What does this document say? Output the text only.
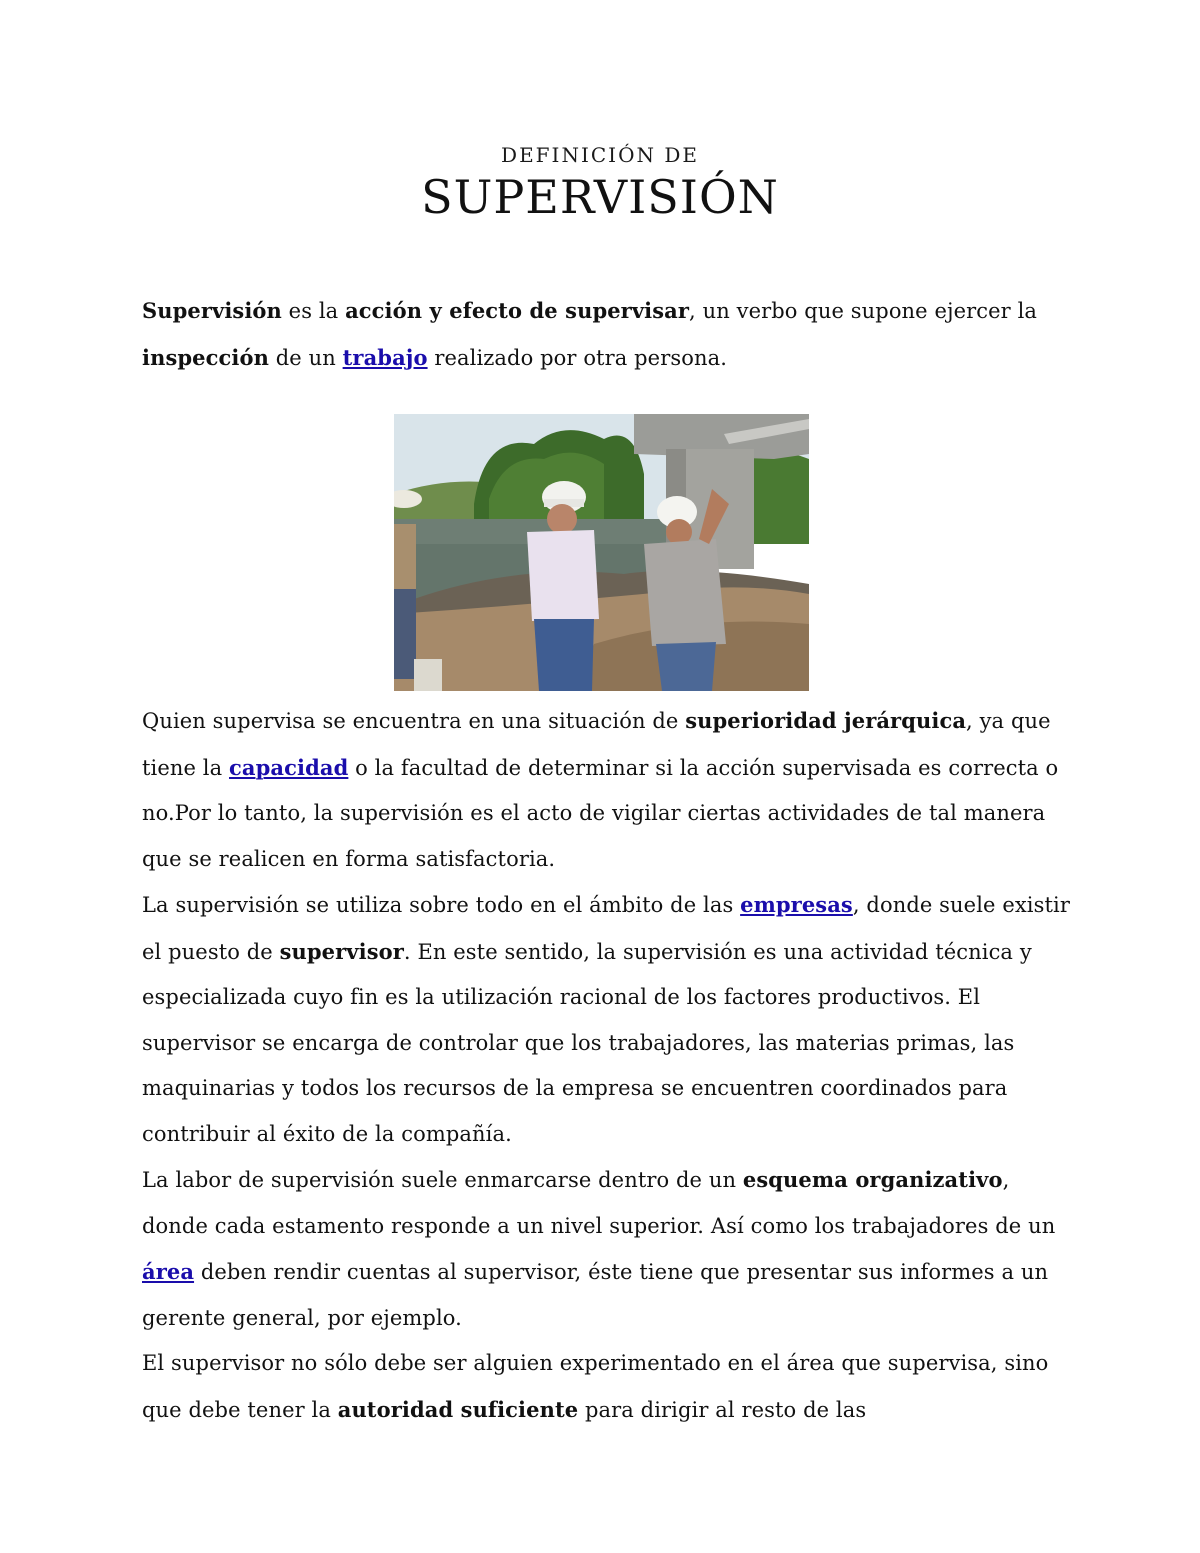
DEFINICIÓN DE
SUPERVISIÓN

Supervisión es la acción y efecto de supervisar, un verbo que supone ejercer la inspección de un trabajo realizado por otra persona.

Quien supervisa se encuentra en una situación de superioridad jerárquica, ya que tiene la capacidad o la facultad de determinar si la acción supervisada es correcta o no.Por lo tanto, la supervisión es el acto de vigilar ciertas actividades de tal manera que se realicen en forma satisfactoria.

La supervisión se utiliza sobre todo en el ámbito de las empresas, donde suele existir el puesto de supervisor. En este sentido, la supervisión es una actividad técnica y especializada cuyo fin es la utilización racional de los factores productivos. El supervisor se encarga de controlar que los trabajadores, las materias primas, las maquinarias y todos los recursos de la empresa se encuentren coordinados para contribuir al éxito de la compañía.

La labor de supervisión suele enmarcarse dentro de un esquema organizativo, donde cada estamento responde a un nivel superior. Así como los trabajadores de un área deben rendir cuentas al supervisor, éste tiene que presentar sus informes a un gerente general, por ejemplo.

El supervisor no sólo debe ser alguien experimentado en el área que supervisa, sino que debe tener la autoridad suficiente para dirigir al resto de las
